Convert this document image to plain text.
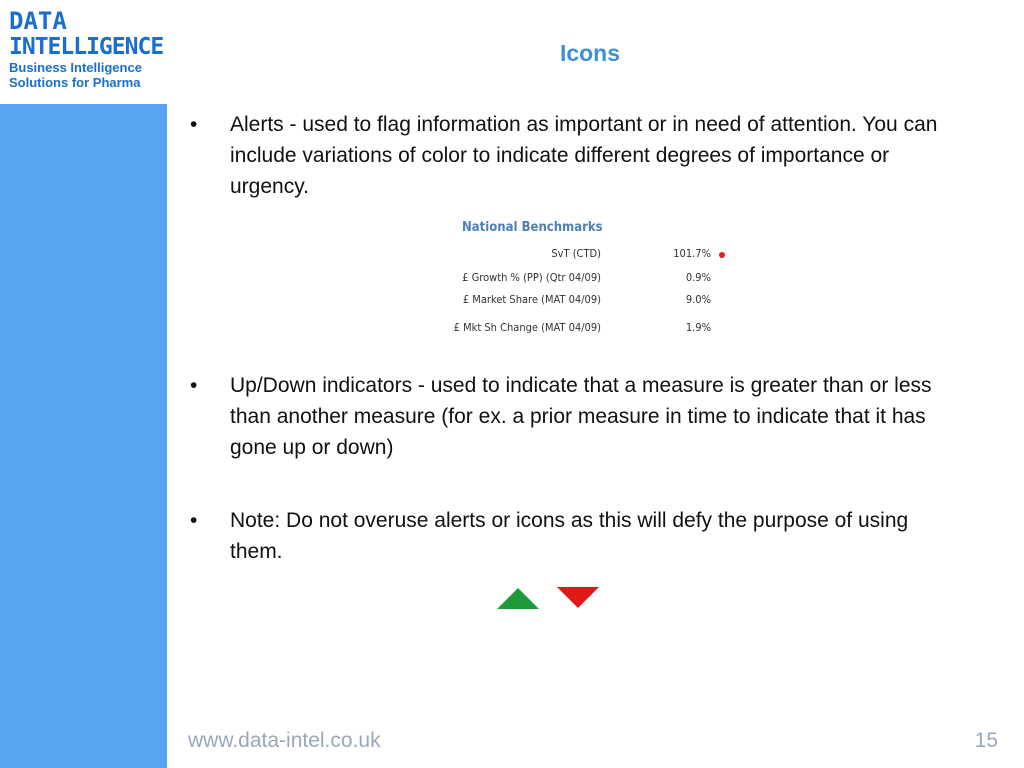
DATA
INTELLIGENCE
Business Intelligence
Solutions for Pharma
Icons
•	Alerts - used to flag information as important or in need of attention. You can include variations of color to indicate different degrees of importance or urgency.
National Benchmarks
SvT (CTD)	101.7%
£ Growth % (PP) (Qtr 04/09)	0.9%
£ Market Share (MAT 04/09)	9.0%
£ Mkt Sh Change (MAT 04/09)	1.9%
•	Up/Down indicators - used to indicate that a measure is greater than or less than another measure (for ex. a prior measure in time to indicate that it has gone up or down)
•	Note: Do not overuse alerts or icons as this will defy the purpose of using them.
www.data-intel.co.uk	15
